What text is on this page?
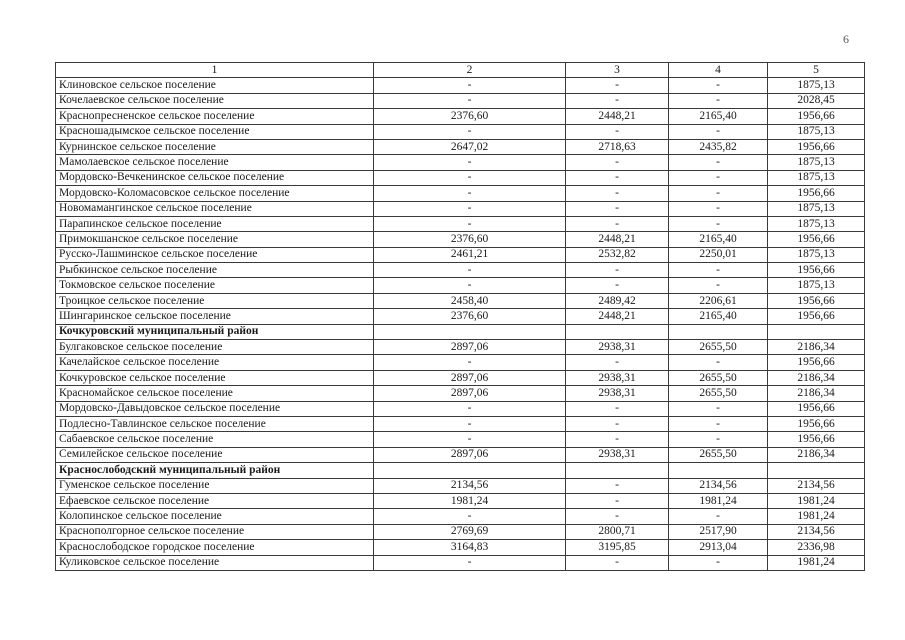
6
1	2	3	4	5
Клиновское сельское поселение	-	-	-	1875,13
Кочелаевское сельское поселение	-	-	-	2028,45
Краснопресненское сельское поселение	2376,60	2448,21	2165,40	1956,66
Красношадымское сельское поселение	-	-	-	1875,13
Курнинское сельское поселение	2647,02	2718,63	2435,82	1956,66
Мамолаевское сельское поселение	-	-	-	1875,13
Мордовско-Вечкенинское сельское поселение	-	-	-	1875,13
Мордовско-Коломасовское сельское поселение	-	-	-	1956,66
Новомамангинское сельское поселение	-	-	-	1875,13
Парапинское сельское поселение	-	-	-	1875,13
Примокшанское сельское поселение	2376,60	2448,21	2165,40	1956,66
Русско-Лашминское сельское поселение	2461,21	2532,82	2250,01	1875,13
Рыбкинское сельское поселение	-	-	-	1956,66
Токмовское сельское поселение	-	-	-	1875,13
Троицкое сельское поселение	2458,40	2489,42	2206,61	1956,66
Шингаринское сельское поселение	2376,60	2448,21	2165,40	1956,66
Кочкуровский муниципальный район				
Булгаковское сельское поселение	2897,06	2938,31	2655,50	2186,34
Качелайское сельское поселение	-	-	-	1956,66
Кочкуровское сельское поселение	2897,06	2938,31	2655,50	2186,34
Красномайское сельское поселение	2897,06	2938,31	2655,50	2186,34
Мордовско-Давыдовское сельское поселение	-	-	-	1956,66
Подлесно-Тавлинское сельское поселение	-	-	-	1956,66
Сабаевское сельское поселение	-	-	-	1956,66
Семилейское сельское поселение	2897,06	2938,31	2655,50	2186,34
Краснослободский муниципальный район				
Гуменское сельское поселение	2134,56	-	2134,56	2134,56
Ефаевское сельское поселение	1981,24	-	1981,24	1981,24
Колопинское сельское поселение	-	-	-	1981,24
Краснополгорное сельское поселение	2769,69	2800,71	2517,90	2134,56
Краснослободское городское поселение	3164,83	3195,85	2913,04	2336,98
Куликовское сельское поселение	-	-	-	1981,24
